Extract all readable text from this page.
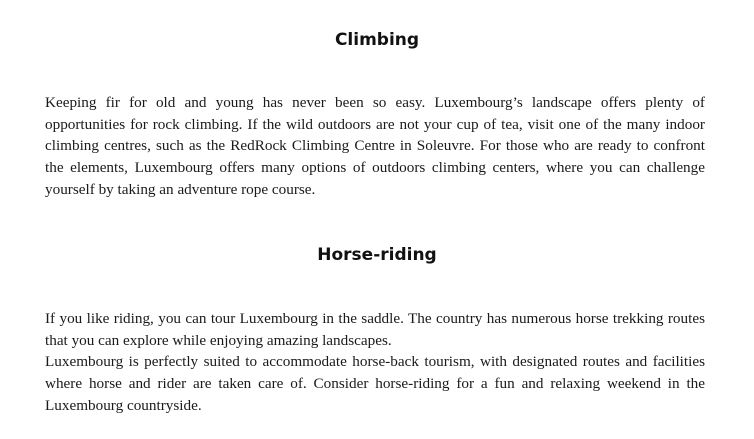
Climbing

Keeping fir for old and young has never been so easy. Luxembourg’s landscape offers plenty of opportunities for rock climbing. If the wild outdoors are not your cup of tea, visit one of the many indoor climbing centres, such as the RedRock Climbing Centre in Soleuvre. For those who are ready to confront the elements, Luxembourg offers many options of outdoors climbing centers, where you can challenge yourself by taking an adventure rope course.

Horse-riding

If you like riding, you can tour Luxembourg in the saddle. The country has numerous horse trekking routes that you can explore while enjoying amazing landscapes.

Luxembourg is perfectly suited to accommodate horse-back tourism, with designated routes and facilities where horse and rider are taken care of. Consider horse-riding for a fun and relaxing weekend in the Luxembourg countryside.
